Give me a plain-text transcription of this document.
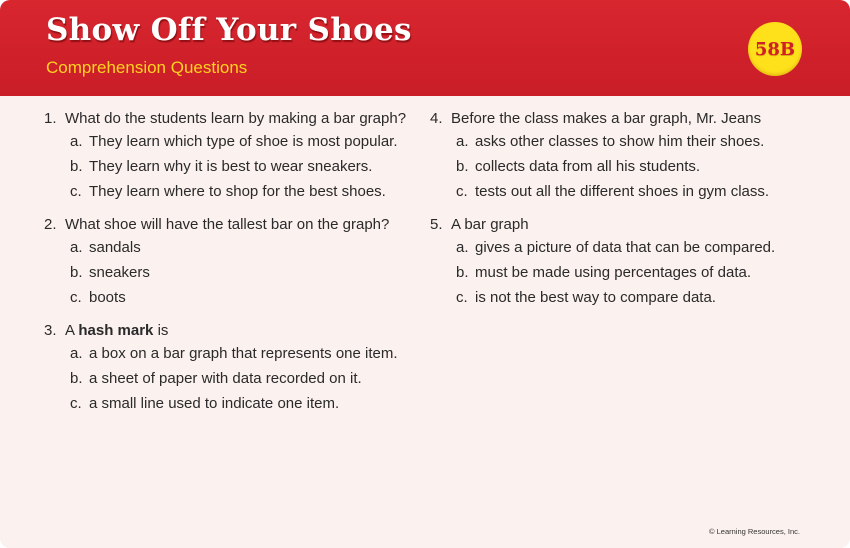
Show Off Your Shoes
Comprehension Questions
58B
1. What do the students learn by making a bar graph?
a. They learn which type of shoe is most popular.
b. They learn why it is best to wear sneakers.
c. They learn where to shop for the best shoes.
2. What shoe will have the tallest bar on the graph?
a. sandals
b. sneakers
c. boots
3. A hash mark is
a. a box on a bar graph that represents one item.
b. a sheet of paper with data recorded on it.
c. a small line used to indicate one item.
4. Before the class makes a bar graph, Mr. Jeans
a. asks other classes to show him their shoes.
b. collects data from all his students.
c. tests out all the different shoes in gym class.
5. A bar graph
a. gives a picture of data that can be compared.
b. must be made using percentages of data.
c. is not the best way to compare data.
© Learning Resources, Inc.
